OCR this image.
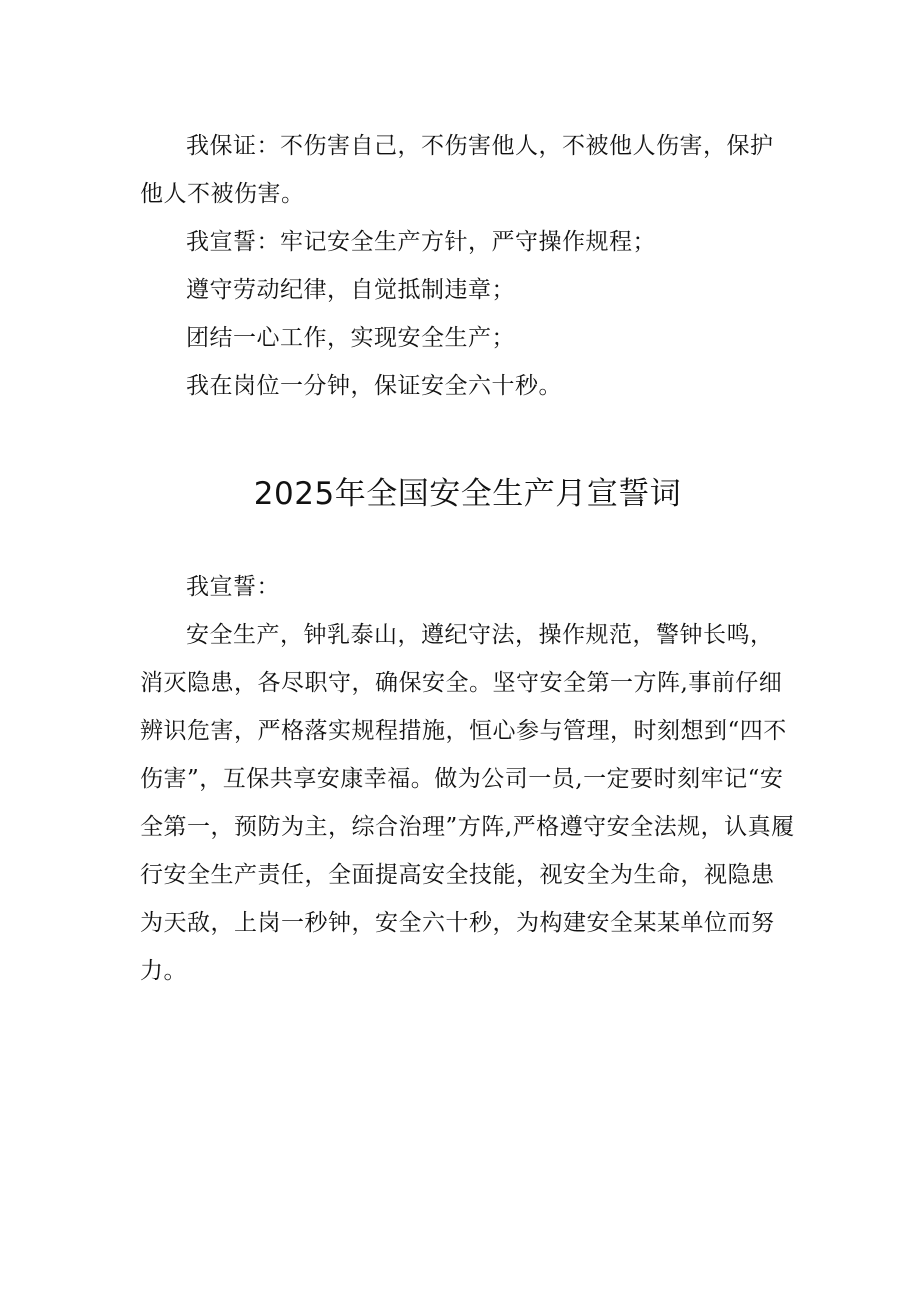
我保证：不伤害自己，不伤害他人，不被他人伤害，保护他人不被伤害。

我宣誓：牢记安全生产方针，严守操作规程；

遵守劳动纪律，自觉抵制违章；

团结一心工作，实现安全生产；

我在岗位一分钟，保证安全六十秒。

2025年全国安全生产月宣誓词

我宣誓：

安全生产，钟乳泰山，遵纪守法，操作规范，警钟长鸣，消灭隐患，各尽职守，确保安全。坚守安全第一方阵,事前仔细辨识危害，严格落实规程措施，恒心参与管理，时刻想到“四不伤害”，互保共享安康幸福。做为公司一员,一定要时刻牢记“安全第一，预防为主，综合治理”方阵,严格遵守安全法规，认真履行安全生产责任，全面提高安全技能，视安全为生命，视隐患为天敌，上岗一秒钟，安全六十秒，为构建安全某某单位而努力。
